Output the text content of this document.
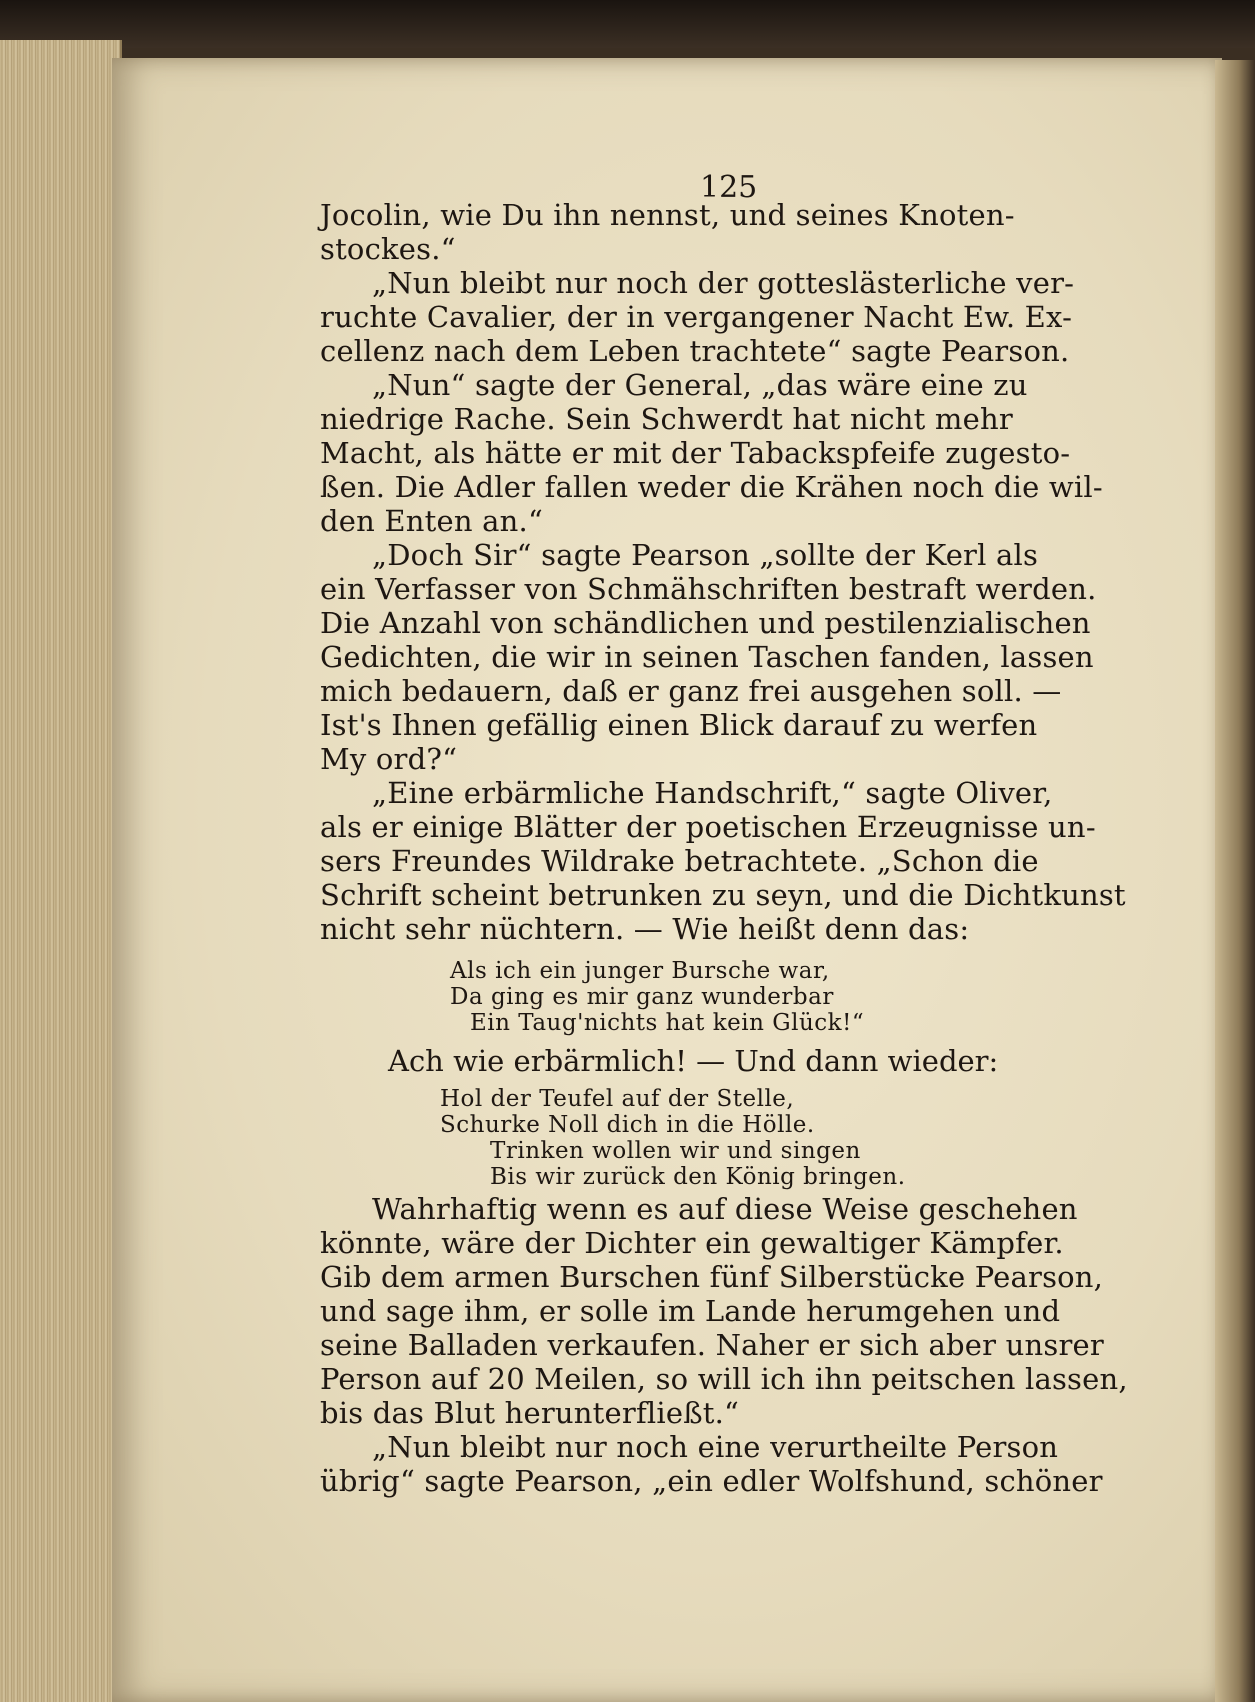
125
Jocolin, wie Du ihn nennst, und seines Knoten-
stockes.“
„Nun bleibt nur noch der gotteslästerliche ver-
ruchte Cavalier, der in vergangener Nacht Ew. Ex-
cellenz nach dem Leben trachtete“ sagte Pearson.
„Nun“ sagte der General, „das wäre eine zu
niedrige Rache. Sein Schwerdt hat nicht mehr
Macht, als hätte er mit der Tabackspfeife zugesto-
ßen. Die Adler fallen weder die Krähen noch die wil-
den Enten an.“
„Doch Sir“ sagte Pearson „sollte der Kerl als
ein Verfasser von Schmähschriften bestraft werden.
Die Anzahl von schändlichen und pestilenzialischen
Gedichten, die wir in seinen Taschen fanden, lassen
mich bedauern, daß er ganz frei ausgehen soll. —
Ist's Ihnen gefällig einen Blick darauf zu werfen
My ord?“
„Eine erbärmliche Handschrift,“ sagte Oliver,
als er einige Blätter der poetischen Erzeugnisse un-
sers Freundes Wildrake betrachtete. „Schon die
Schrift scheint betrunken zu seyn, und die Dichtkunst
nicht sehr nüchtern. — Wie heißt denn das:
Als ich ein junger Bursche war,
Da ging es mir ganz wunderbar
Ein Taug'nichts hat kein Glück!“
Ach wie erbärmlich! — Und dann wieder:
Hol der Teufel auf der Stelle,
Schurke Noll dich in die Hölle.
Trinken wollen wir und singen
Bis wir zurück den König bringen.
Wahrhaftig wenn es auf diese Weise geschehen
könnte, wäre der Dichter ein gewaltiger Kämpfer.
Gib dem armen Burschen fünf Silberstücke Pearson,
und sage ihm, er solle im Lande herumgehen und
seine Balladen verkaufen. Naher er sich aber unsrer
Person auf 20 Meilen, so will ich ihn peitschen lassen,
bis das Blut herunterfließt.“
„Nun bleibt nur noch eine verurtheilte Person
übrig“ sagte Pearson, „ein edler Wolfshund, schöner
